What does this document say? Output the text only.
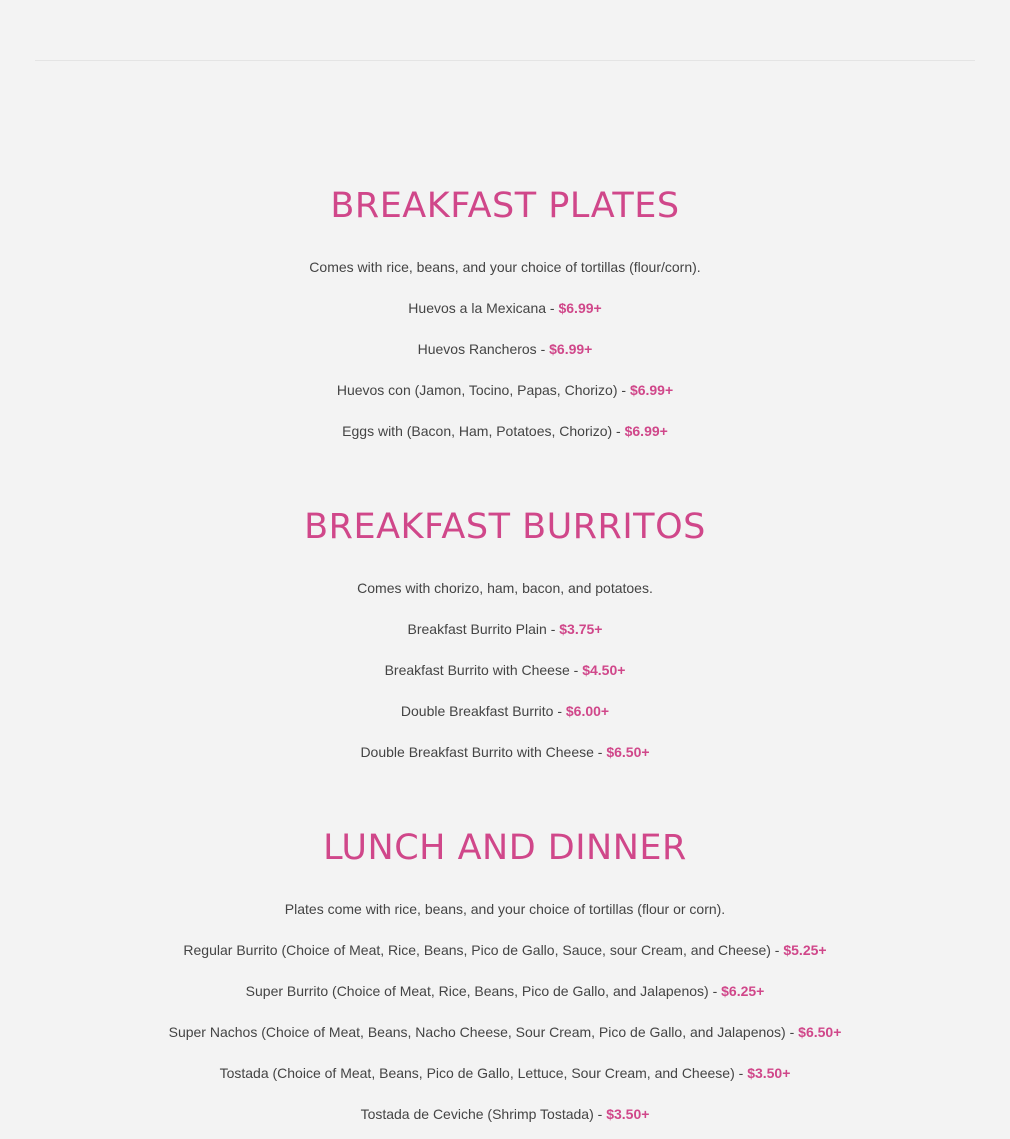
BREAKFAST PLATES

Comes with rice, beans, and your choice of tortillas (flour/corn).

Huevos a la Mexicana - $6.99+

Huevos Rancheros - $6.99+

Huevos con (Jamon, Tocino, Papas, Chorizo) - $6.99+

Eggs with (Bacon, Ham, Potatoes, Chorizo) - $6.99+

BREAKFAST BURRITOS

Comes with chorizo, ham, bacon, and potatoes.

Breakfast Burrito Plain - $3.75+

Breakfast Burrito with Cheese - $4.50+

Double Breakfast Burrito - $6.00+

Double Breakfast Burrito with Cheese - $6.50+

LUNCH AND DINNER

Plates come with rice, beans, and your choice of tortillas (flour or corn).

Regular Burrito (Choice of Meat, Rice, Beans, Pico de Gallo, Sauce, sour Cream, and Cheese) - $5.25+

Super Burrito (Choice of Meat, Rice, Beans, Pico de Gallo, and Jalapenos) - $6.25+

Super Nachos (Choice of Meat, Beans, Nacho Cheese, Sour Cream, Pico de Gallo, and Jalapenos) - $6.50+

Tostada (Choice of Meat, Beans, Pico de Gallo, Lettuce, Sour Cream, and Cheese) - $3.50+

Tostada de Ceviche (Shrimp Tostada) - $3.50+
